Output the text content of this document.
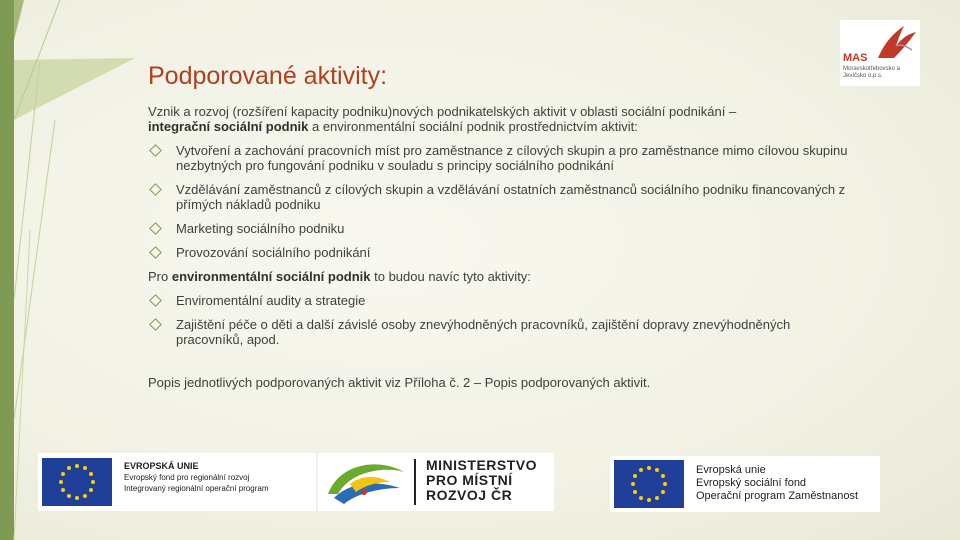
Podporované aktivity:

Vznik a rozvoj (rozšíření kapacity podniku)nových podnikatelských aktivit v oblasti sociální podnikání –
integrační sociální podnik a environmentální sociální podnik prostřednictvím aktivit:

Vytvoření a zachování pracovních míst pro zaměstnance z cílových skupin a pro zaměstnance mimo cílovou skupinu nezbytných pro fungování podniku v souladu s principy sociálního podnikání
Vzdělávání zaměstnanců z cílových skupin a vzdělávání ostatních zaměstnanců sociálního podniku financovaných z přímých nákladů podniku
Marketing sociálního podniku
Provozování sociálního podnikání

Pro environmentální sociální podnik to budou navíc tyto aktivity:

Enviromentální audity a strategie
Zajištění péče o děti a další závislé osoby znevýhodněných pracovníků, zajištění dopravy znevýhodněných pracovníků, apod.

Popis jednotlivých podporovaných aktivit viz Příloha č. 2 – Popis podporovaných aktivit.

MAS
Moravskotřebovsko a Jevíčsko o.p.s.
EVROPSKÁ UNIE
Evropský fond pro regionální rozvoj
Integrovaný regionální operační program
MINISTERSTVO
PRO MÍSTNÍ
ROZVOJ ČR
Evropská unie
Evropský sociální fond
Operační program Zaměstnanost
